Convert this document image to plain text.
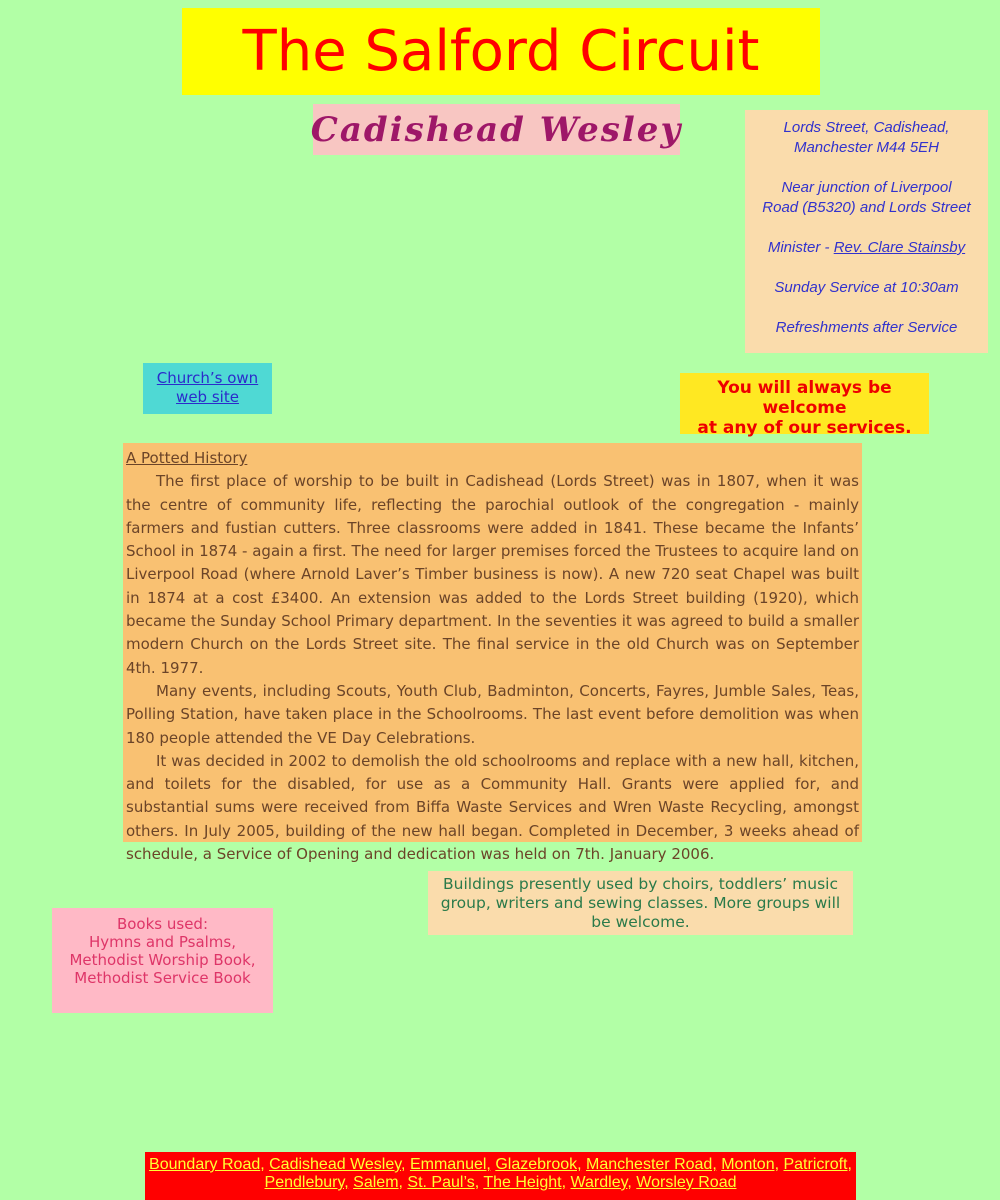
The Salford Circuit
Cadishead Wesley	Lords Street, Cadishead,
Manchester M44 5EH

Near junction of Liverpool
Road (B5320) and Lords Street

Minister - Rev. Clare Stainsby

Sunday Service at 10:30am

Refreshments after Service

Church’s own
web site	You will always be welcome
at any of our services.
A Potted History

The first place of worship to be built in Cadishead (Lords Street) was in 1807, when it was the centre of community life, reflecting the parochial outlook of the congregation - mainly farmers and fustian cutters. Three classrooms were added in 1841. These became the Infants’ School in 1874 - again a first. The need for larger premises forced the Trustees to acquire land on Liverpool Road (where Arnold Laver’s Timber business is now). A new 720 seat Chapel was built in 1874 at a cost £3400. An extension was added to the Lords Street building (1920), which became the Sunday School Primary department. In the seventies it was agreed to build a smaller modern Church on the Lords Street site. The final service in the old Church was on September 4th. 1977.

Many events, including Scouts, Youth Club, Badminton, Concerts, Fayres, Jumble Sales, Teas, Polling Station, have taken place in the Schoolrooms. The last event before demolition was when 180 people attended the VE Day Celebrations.

It was decided in 2002 to demolish the old schoolrooms and replace with a new hall, kitchen, and toilets for the disabled, for use as a Community Hall. Grants were applied for, and substantial sums were received from Biffa Waste Services and Wren Waste Recycling, amongst others. In July 2005, building of the new hall began. Completed in December, 3 weeks ahead of schedule, a Service of Opening and dedication was held on 7th. January 2006.

Buildings presently used by choirs, toddlers’ music group, writers and sewing classes. More groups will be welcome.
Books used:
Hymns and Psalms,
Methodist Worship Book,
Methodist Service Book
Boundary Road, Cadishead Wesley, Emmanuel, Glazebrook, Manchester Road, Monton, Patricroft, Pendlebury, Salem, St. Paul’s, The Height, Wardley, Worsley Road
